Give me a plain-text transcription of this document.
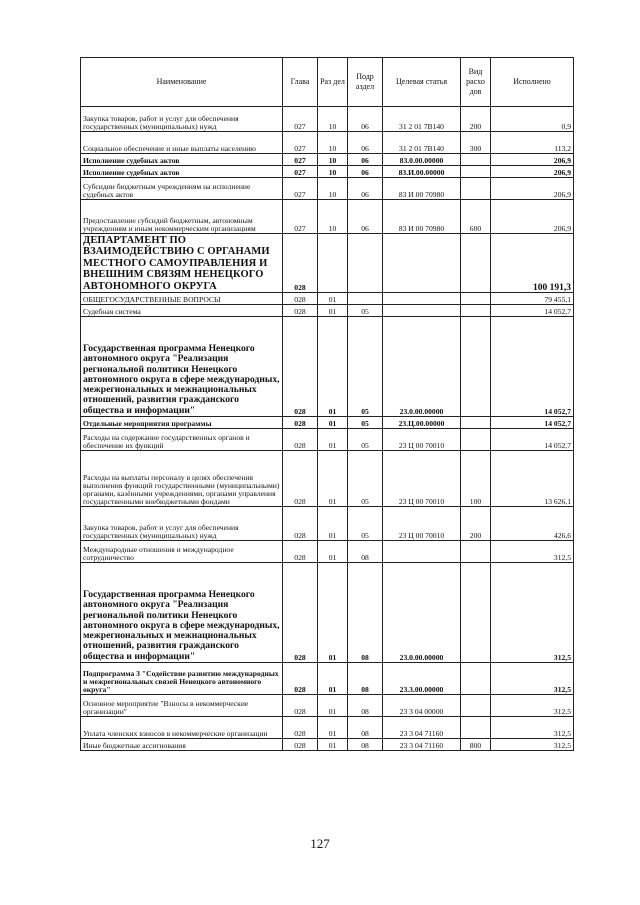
Наименование	Глава	Раз дел	Подр аздел	Целевая статья	Вид расхо дов	Исполнено
Закупка товаров, работ и услуг для обеспечения государственных (муниципальных) нужд	027	10	06	31 2 01 7В140	200	0,9
Социальное обеспечение и иные выплаты населению	027	10	06	31 2 01 7В140	300	113,2
Исполнение судебных актов	027	10	06	83.0.00.00000		206,9
Исполнение судебных актов	027	10	06	83.И.00.00000		206,9
Субсидии бюджетным учреждениям на исполнение судебных актов	027	10	06	83 И 00 70980		206,9
Предоставление субсидий бюджетным, автономным учреждениям и иным некоммерческим организациям	027	10	06	83 И 00 70980	600	206,9
ДЕПАРТАМЕНТ ПО ВЗАИМОДЕЙСТВИЮ С ОРГАНАМИ МЕСТНОГО САМОУПРАВЛЕНИЯ И ВНЕШНИМ СВЯЗЯМ НЕНЕЦКОГО АВТОНОМНОГО ОКРУГА	028					100 191,3
ОБЩЕГОСУДАРСТВЕННЫЕ ВОПРОСЫ	028	01				79 455,1
Судебная система	028	01	05			14 052,7
Государственная программа Ненецкого автономного округа "Реализация региональной политики Ненецкого автономного округа в сфере международных, межрегиональных и межнациональных отношений, развития гражданского общества и информации"	028	01	05	23.0.00.00000		14 052,7
Отдельные мероприятия программы	028	01	05	23.Ц.00.00000		14 052,7
Расходы на содержание государственных органов и обеспечение их функций	028	01	05	23 Ц 00 70010		14 052,7
Расходы на выплаты персоналу в целях обеспечения выполнения функций государственными (муниципальными) органами, казёнными учреждениями, органами управления государственными внебюджетными фондами	028	01	05	23 Ц 00 70010	100	13 626,1
Закупка товаров, работ и услуг для обеспечения государственных (муниципальных) нужд	028	01	05	23 Ц 00 70010	200	426,6
Международные отношения и международное сотрудничество	028	01	08			312,5
Государственная программа Ненецкого автономного округа "Реализация региональной политики Ненецкого автономного округа в сфере международных, межрегиональных и межнациональных отношений, развития гражданского общества и информации"	028	01	08	23.0.00.00000		312,5
Подпрограмма 3 "Содействие развитию международных и межрегиональных связей Ненецкого автономного округа"	028	01	08	23.3.00.00000		312,5
Основное мероприятие "Взносы в некоммерческие организации"	028	01	08	23 3 04 00000		312,5
Уплата членских взносов в некоммерческие организации	028	01	08	23 3 04 71160		312,5
Иные бюджетные ассигнования	028	01	08	23 3 04 71160	800	312,5
127
